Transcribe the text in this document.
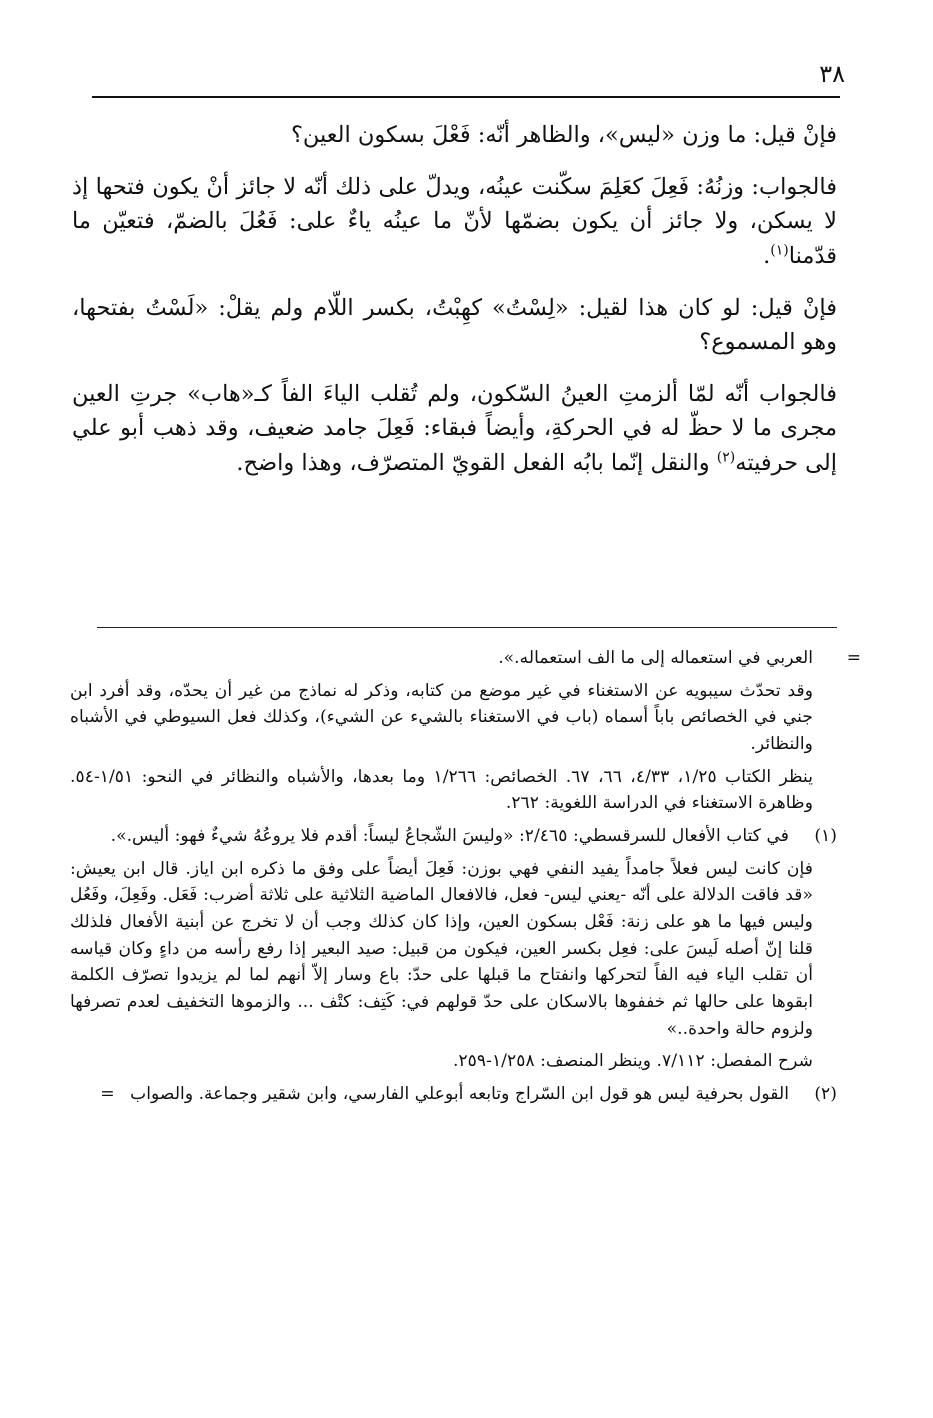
٣٨

فإنْ قيل: ما وزن «ليس»، والظاهر أنّه: فَعْلَ بسكون العين؟

فالجواب: وزنُهُ: فَعِلَ كعَلِمَ سكّنت عينُه، ويدلّ على ذلك أنّه لا جائز أنْ يكون فتحها إذ لا يسكن، ولا جائز أن يكون بضمّها لأنّ ما عينُه ياءٌ على: فَعُلَ بالضمّ، فتعيّن ما قدّمنا$^{(١)}$.

فإنْ قيل: لو كان هذا لقيل: «لِسْتُ» كهِبْتُ، بكسر اللّام ولم يقلْ: «لَسْتُ بفتحها، وهو المسموع؟

فالجواب أنّه لمّا ألزمتِ العينُ السّكون، ولم تُقلب الياءَ الفاً كـ«هاب» جرتِ العين مجرى ما لا حظّ له في الحركةِ، وأيضاً فبقاء: فَعِلَ جامد ضعيف، وقد ذهب أبو علي إلى حرفيته$^{(٢)}$ والنقل إنّما بابُه الفعل القويّ المتصرّف، وهذا واضح.

=
العربي في استعماله إلى ما الف استعماله.».
وقد تحدّث سيبويه عن الاستغناء في غير موضع من كتابه، وذكر له نماذج من غير أن يحدّه، وقد أفرد ابن جني في الخصائص باباً أسماه (باب في الاستغناء بالشيء عن الشيء)، وكذلك فعل السيوطي في الأشباه والنظائر.
ينظر الكتاب ١/٢٥، ٤/٣٣، ٦٦، ٦٧. الخصائص: ١/٢٦٦ وما بعدها، والأشباه والنظائر في النحو: ١/٥١-٥٤. وظاهرة الاستغناء في الدراسة اللغوية: ٢٦٢.
(١)
في كتاب الأفعال للسرقسطي: ٢/٤٦٥: «وليسَ الشّجاعُ ليساً: أقدم فلا يروعُهُ شيءٌ فهو: أليس.».
فإن كانت ليس فعلاً جامداً يفيد النفي فهي بوزن: فَعِلَ أيضاً على وفق ما ذكره ابن اياز. قال ابن يعيش: «قد فاقت الدلالة على أنّه -يعني ليس- فعل، فالافعال الماضية الثلاثية على ثلاثة أضرب: فَعَل. وفَعِلَ، وفَعُل وليس فيها ما هو على زنة: فَعْل بسكون العين، وإذا كان كذلك وجب أن لا تخرج عن أبنية الأفعال فلذلك قلنا إنّ أصله لَيسَ على: فعِل بكسر العين، فيكون من قبيل: صيد البعير إذا رفع رأسه من داءٍ وكان قياسه أن تقلب الياء فيه الفاً لتحركها وانفتاح ما قبلها على حدّ: باع وسار إلاّ أنهم لما لم يزيدوا تصرّف الكلمة ابقوها على حالها ثم خففوها بالاسكان على حدّ قولهم في: كَتِف: كتْف ... والزموها التخفيف لعدم تصرفها ولزوم حالة واحدة..»
شرح المفصل: ٧/١١٢. وينظر المنصف: ١/٢٥٨-٢٥٩.
(٢)
القول بحرفية ليس هو قول ابن السّراج وتابعه أبوعلي الفارسي، وابن شقير وجماعة. والصواب =
